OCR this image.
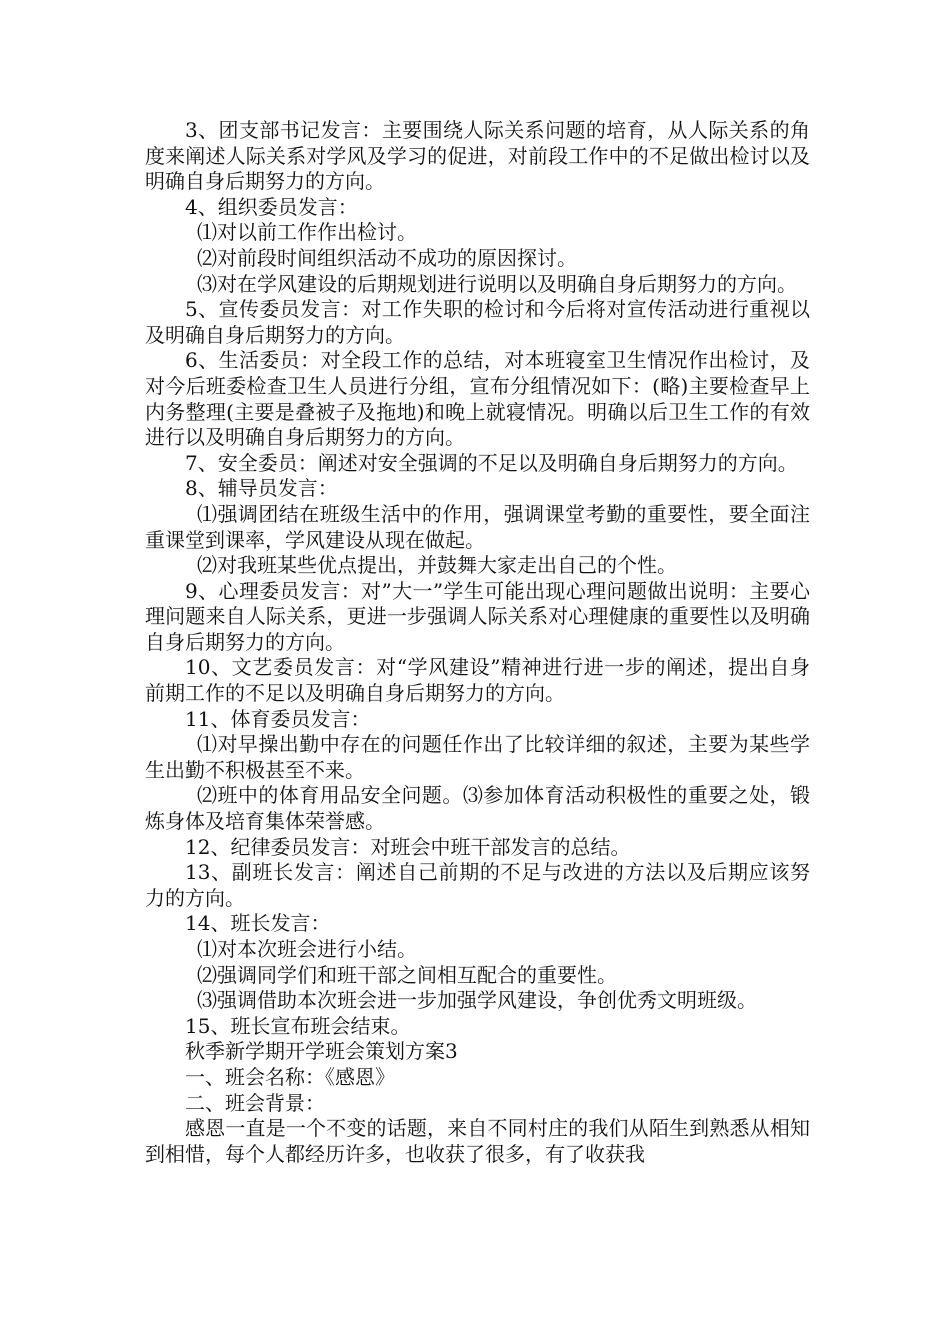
3、团支部书记发言：主要围绕人际关系问题的培育，从人际关系的角度来阐述人际关系对学风及学习的促进，对前段工作中的不足做出检讨以及明确自身后期努力的方向。

4、组织委员发言：

⑴对以前工作作出检讨。

⑵对前段时间组织活动不成功的原因探讨。

⑶对在学风建设的后期规划进行说明以及明确自身后期努力的方向。

5、宣传委员发言：对工作失职的检讨和今后将对宣传活动进行重视以及明确自身后期努力的方向。

6、生活委员：对全段工作的总结，对本班寝室卫生情况作出检讨，及对今后班委检查卫生人员进行分组，宣布分组情况如下：(略)主要检查早上内务整理(主要是叠被子及拖地)和晚上就寝情况。明确以后卫生工作的有效进行以及明确自身后期努力的方向。

7、安全委员：阐述对安全强调的不足以及明确自身后期努力的方向。

8、辅导员发言：

⑴强调团结在班级生活中的作用，强调课堂考勤的重要性，要全面注重课堂到课率，学风建设从现在做起。

⑵对我班某些优点提出，并鼓舞大家走出自己的个性。

9、心理委员发言：对”大一”学生可能出现心理问题做出说明：主要心理问题来自人际关系，更进一步强调人际关系对心理健康的重要性以及明确自身后期努力的方向。

10、文艺委员发言：对“学风建设”精神进行进一步的阐述，提出自身前期工作的不足以及明确自身后期努力的方向。

11、体育委员发言：

⑴对早操出勤中存在的问题任作出了比较详细的叙述，主要为某些学生出勤不积极甚至不来。

⑵班中的体育用品安全问题。⑶参加体育活动积极性的重要之处，锻炼身体及培育集体荣誉感。

12、纪律委员发言：对班会中班干部发言的总结。

13、副班长发言：阐述自己前期的不足与改进的方法以及后期应该努力的方向。

14、班长发言：

⑴对本次班会进行小结。

⑵强调同学们和班干部之间相互配合的重要性。

⑶强调借助本次班会进一步加强学风建设，争创优秀文明班级。

15、班长宣布班会结束。

秋季新学期开学班会策划方案3

一、班会名称：《感恩》

二、班会背景：

感恩一直是一个不变的话题，来自不同村庄的我们从陌生到熟悉从相知到相惜，每个人都经历许多，也收获了很多，有了收获我
